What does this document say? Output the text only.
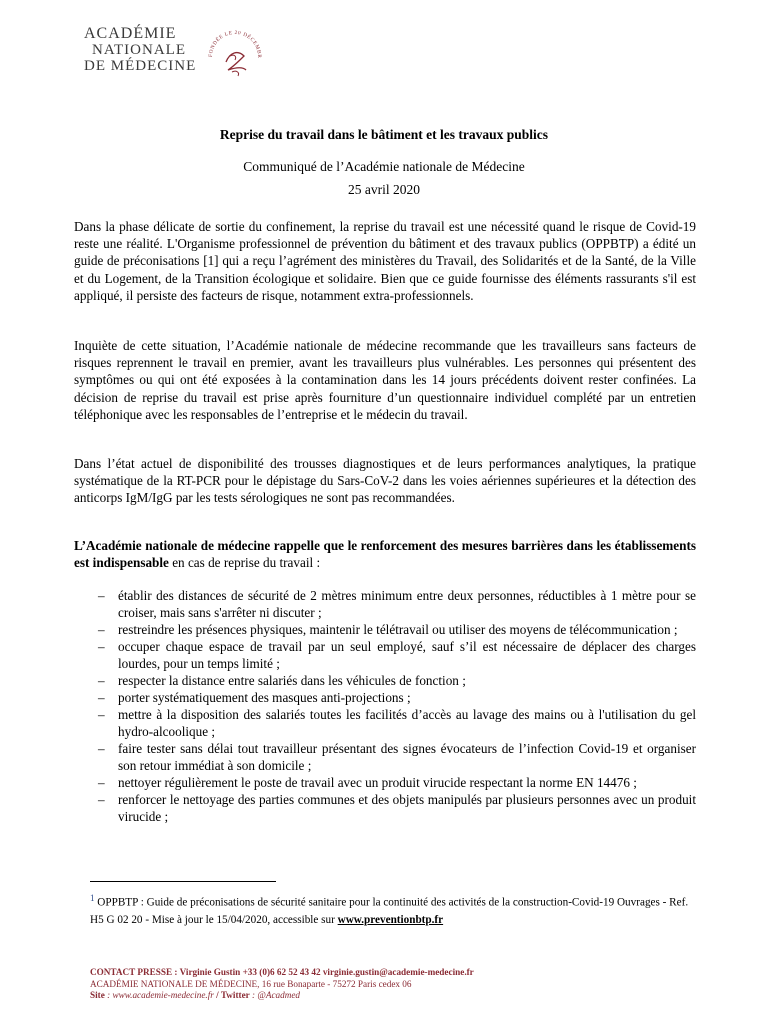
ACADÉMIE
NATIONALE
DE MÉDECINE
FONDÉE LE 20 DÉCEMBR
Reprise du travail dans le bâtiment et les travaux publics
Communiqué de l’Académie nationale de Médecine
25 avril 2020
Dans la phase délicate de sortie du confinement, la reprise du travail est une nécessité quand le risque de Covid-19 reste une réalité. L'Organisme professionnel de prévention du bâtiment et des travaux publics (OPPBTP) a édité un guide de préconisations [1] qui a reçu l’agrément des ministères du Travail, des Solidarités et de la Santé, de la Ville et du Logement, de la Transition écologique et solidaire. Bien que ce guide fournisse des éléments rassurants s'il est appliqué, il persiste des facteurs de risque, notamment extra-professionnels.
Inquiète de cette situation, l’Académie nationale de médecine recommande que les travailleurs sans facteurs de risques reprennent le travail en premier, avant les travailleurs plus vulnérables. Les personnes qui présentent des symptômes ou qui ont été exposées à la contamination dans les 14 jours précédents doivent rester confinées. La décision de reprise du travail est prise après fourniture d’un questionnaire individuel complété par un entretien téléphonique avec les responsables de l’entreprise et le médecin du travail.
Dans l’état actuel de disponibilité des trousses diagnostiques et de leurs performances analytiques, la pratique systématique de la RT-PCR pour le dépistage du Sars-CoV-2 dans les voies aériennes supérieures et la détection des anticorps IgM/IgG par les tests sérologiques ne sont pas recommandées.
L’Académie nationale de médecine rappelle que le renforcement des mesures barrières dans les établissements est indispensable en cas de reprise du travail :
– établir des distances de sécurité de 2 mètres minimum entre deux personnes, réductibles à 1 mètre pour se croiser, mais sans s'arrêter ni discuter ;
– restreindre les présences physiques, maintenir le télétravail ou utiliser des moyens de télécommunication ;
– occuper chaque espace de travail par un seul employé, sauf s’il est nécessaire de déplacer des charges lourdes, pour un temps limité ;
– respecter la distance entre salariés dans les véhicules de fonction ;
– porter systématiquement des masques anti-projections ;
– mettre à la disposition des salariés toutes les facilités d’accès au lavage des mains ou à l'utilisation du gel hydro-alcoolique ;
– faire tester sans délai tout travailleur présentant des signes évocateurs de l’infection Covid-19 et organiser son retour immédiat à son domicile ;
– nettoyer régulièrement le poste de travail avec un produit virucide respectant la norme EN 14476 ;
– renforcer le nettoyage des parties communes et des objets manipulés par plusieurs personnes avec un produit virucide ;
$^1$ OPPBTP : Guide de préconisations de sécurité sanitaire pour la continuité des activités de la construction-Covid-19 Ouvrages - Ref. H5 G 02 20 - Mise à jour le 15/04/2020, accessible sur www.preventionbtp.fr
CONTACT PRESSE : Virginie Gustin +33 (0)6 62 52 43 42 virginie.gustin@academie-medecine.fr
ACADÉMIE NATIONALE DE MÉDECINE, 16 rue Bonaparte - 75272 Paris cedex 06
Site : www.academie-medecine.fr / Twitter : @Acadmed
